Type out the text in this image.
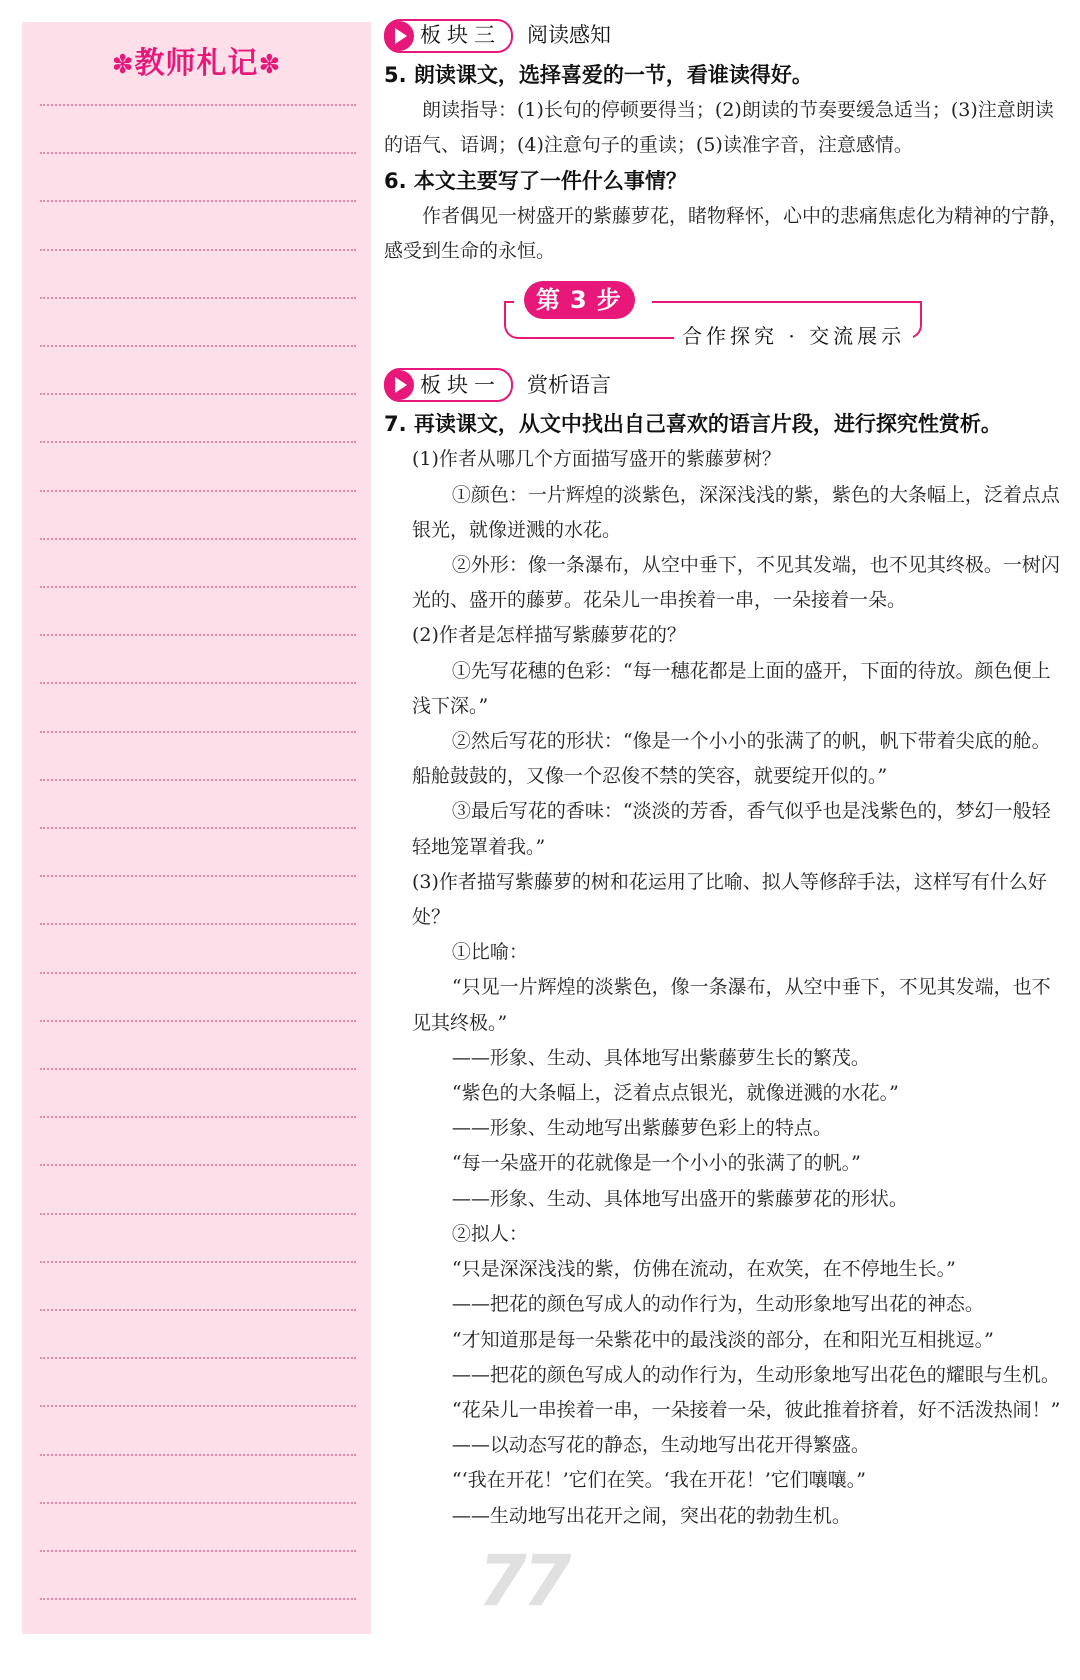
✽教师札记✽
板块三 阅读感知

5. 朗读课文，选择喜爱的一节，看谁读得好。

朗读指导：(1)长句的停顿要得当；(2)朗读的节奏要缓急适当；(3)注意朗读的语气、语调；(4)注意句子的重读；(5)读准字音，注意感情。

6. 本文主要写了一件什么事情？

作者偶见一树盛开的紫藤萝花，睹物释怀，心中的悲痛焦虑化为精神的宁静，感受到生命的永恒。

第 3 步
合作探究 · 交流展示
板块一 赏析语言

7. 再读课文，从文中找出自己喜欢的语言片段，进行探究性赏析。

(1)作者从哪几个方面描写盛开的紫藤萝树？

①颜色：一片辉煌的淡紫色，深深浅浅的紫，紫色的大条幅上，泛着点点银光，就像迸溅的水花。

②外形：像一条瀑布，从空中垂下，不见其发端，也不见其终极。一树闪光的、盛开的藤萝。花朵儿一串挨着一串，一朵接着一朵。

(2)作者是怎样描写紫藤萝花的？

①先写花穗的色彩：“每一穗花都是上面的盛开，下面的待放。颜色便上浅下深。”

②然后写花的形状：“像是一个小小的张满了的帆，帆下带着尖底的舱。船舱鼓鼓的，又像一个忍俊不禁的笑容，就要绽开似的。”

③最后写花的香味：“淡淡的芳香，香气似乎也是浅紫色的，梦幻一般轻轻地笼罩着我。”

(3)作者描写紫藤萝的树和花运用了比喻、拟人等修辞手法，这样写有什么好处？

①比喻：

“只见一片辉煌的淡紫色，像一条瀑布，从空中垂下，不见其发端，也不见其终极。”

——形象、生动、具体地写出紫藤萝生长的繁茂。

“紫色的大条幅上，泛着点点银光，就像迸溅的水花。”

——形象、生动地写出紫藤萝色彩上的特点。

“每一朵盛开的花就像是一个小小的张满了的帆。”

——形象、生动、具体地写出盛开的紫藤萝花的形状。

②拟人：

“只是深深浅浅的紫，仿佛在流动，在欢笑，在不停地生长。”

——把花的颜色写成人的动作行为，生动形象地写出花的神态。

“才知道那是每一朵紫花中的最浅淡的部分，在和阳光互相挑逗。”

——把花的颜色写成人的动作行为，生动形象地写出花色的耀眼与生机。

“花朵儿一串挨着一串，一朵接着一朵，彼此推着挤着，好不活泼热闹！”

——以动态写花的静态，生动地写出花开得繁盛。

“‘我在开花！’它们在笑。‘我在开花！’它们嚷嚷。”

——生动地写出花开之闹，突出花的勃勃生机。

77
